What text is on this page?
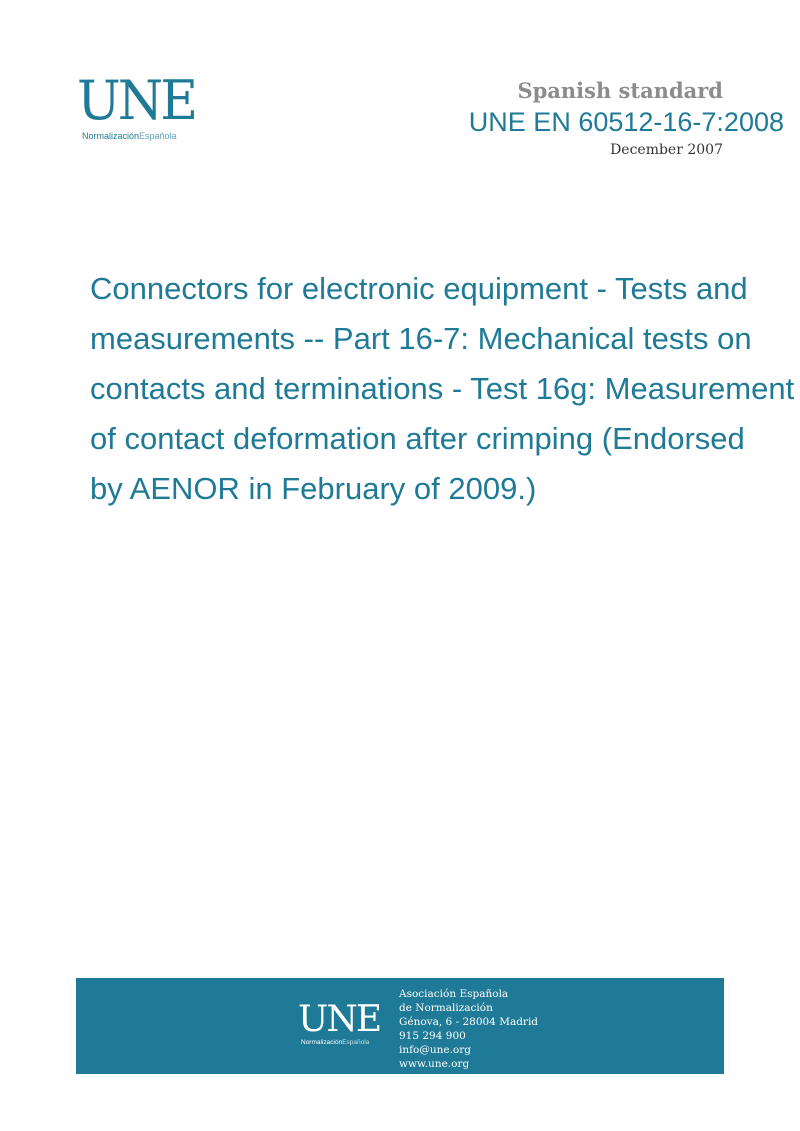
UNE
NormalizaciónEspañola
Spanish standard
UNE EN 60512-16-7:2008
December 2007
Connectors for electronic equipment - Tests and
measurements -- Part 16-7: Mechanical tests on
contacts and terminations - Test 16g: Measurement
of contact deformation after crimping (Endorsed
by AENOR in February of 2009.)
UNE
NormalizaciónEspañola
Asociación Española
de Normalización
Génova, 6 - 28004 Madrid
915 294 900
info@une.org
www.une.org
